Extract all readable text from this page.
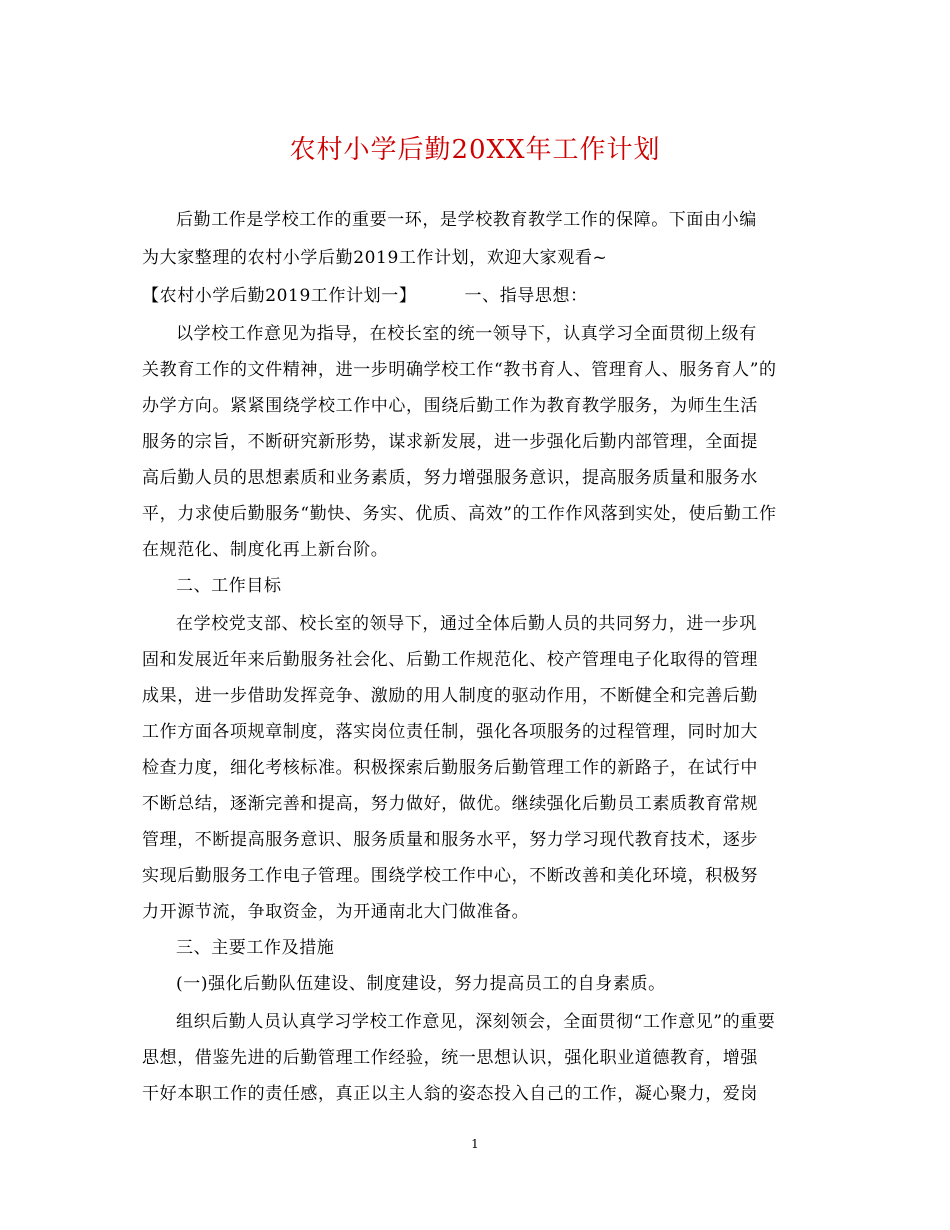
农村小学后勤20XX年工作计划
后勤工作是学校工作的重要一环，是学校教育教学工作的保障。下面由小编
为大家整理的农村小学后勤2019工作计划，欢迎大家观看~
【农村小学后勤2019工作计划一】        一、指导思想：
以学校工作意见为指导，在校长室的统一领导下，认真学习全面贯彻上级有
关教育工作的文件精神，进一步明确学校工作“教书育人、管理育人、服务育人”的
办学方向。紧紧围绕学校工作中心，围绕后勤工作为教育教学服务，为师生生活
服务的宗旨，不断研究新形势，谋求新发展，进一步强化后勤内部管理，全面提
高后勤人员的思想素质和业务素质，努力增强服务意识，提高服务质量和服务水
平，力求使后勤服务“勤快、务实、优质、高效”的工作作风落到实处，使后勤工作
在规范化、制度化再上新台阶。
二、工作目标
在学校党支部、校长室的领导下，通过全体后勤人员的共同努力，进一步巩
固和发展近年来后勤服务社会化、后勤工作规范化、校产管理电子化取得的管理
成果，进一步借助发挥竞争、激励的用人制度的驱动作用，不断健全和完善后勤
工作方面各项规章制度，落实岗位责任制，强化各项服务的过程管理，同时加大
检查力度，细化考核标准。积极探索后勤服务后勤管理工作的新路子，在试行中
不断总结，逐渐完善和提高，努力做好，做优。继续强化后勤员工素质教育常规
管理，不断提高服务意识、服务质量和服务水平，努力学习现代教育技术，逐步
实现后勤服务工作电子管理。围绕学校工作中心，不断改善和美化环境，积极努
力开源节流，争取资金，为开通南北大门做准备。
三、主要工作及措施
(一)强化后勤队伍建设、制度建设，努力提高员工的自身素质。
组织后勤人员认真学习学校工作意见，深刻领会，全面贯彻“工作意见”的重要
思想，借鉴先进的后勤管理工作经验，统一思想认识，强化职业道德教育，增强
干好本职工作的责任感，真正以主人翁的姿态投入自己的工作，凝心聚力，爱岗
1
